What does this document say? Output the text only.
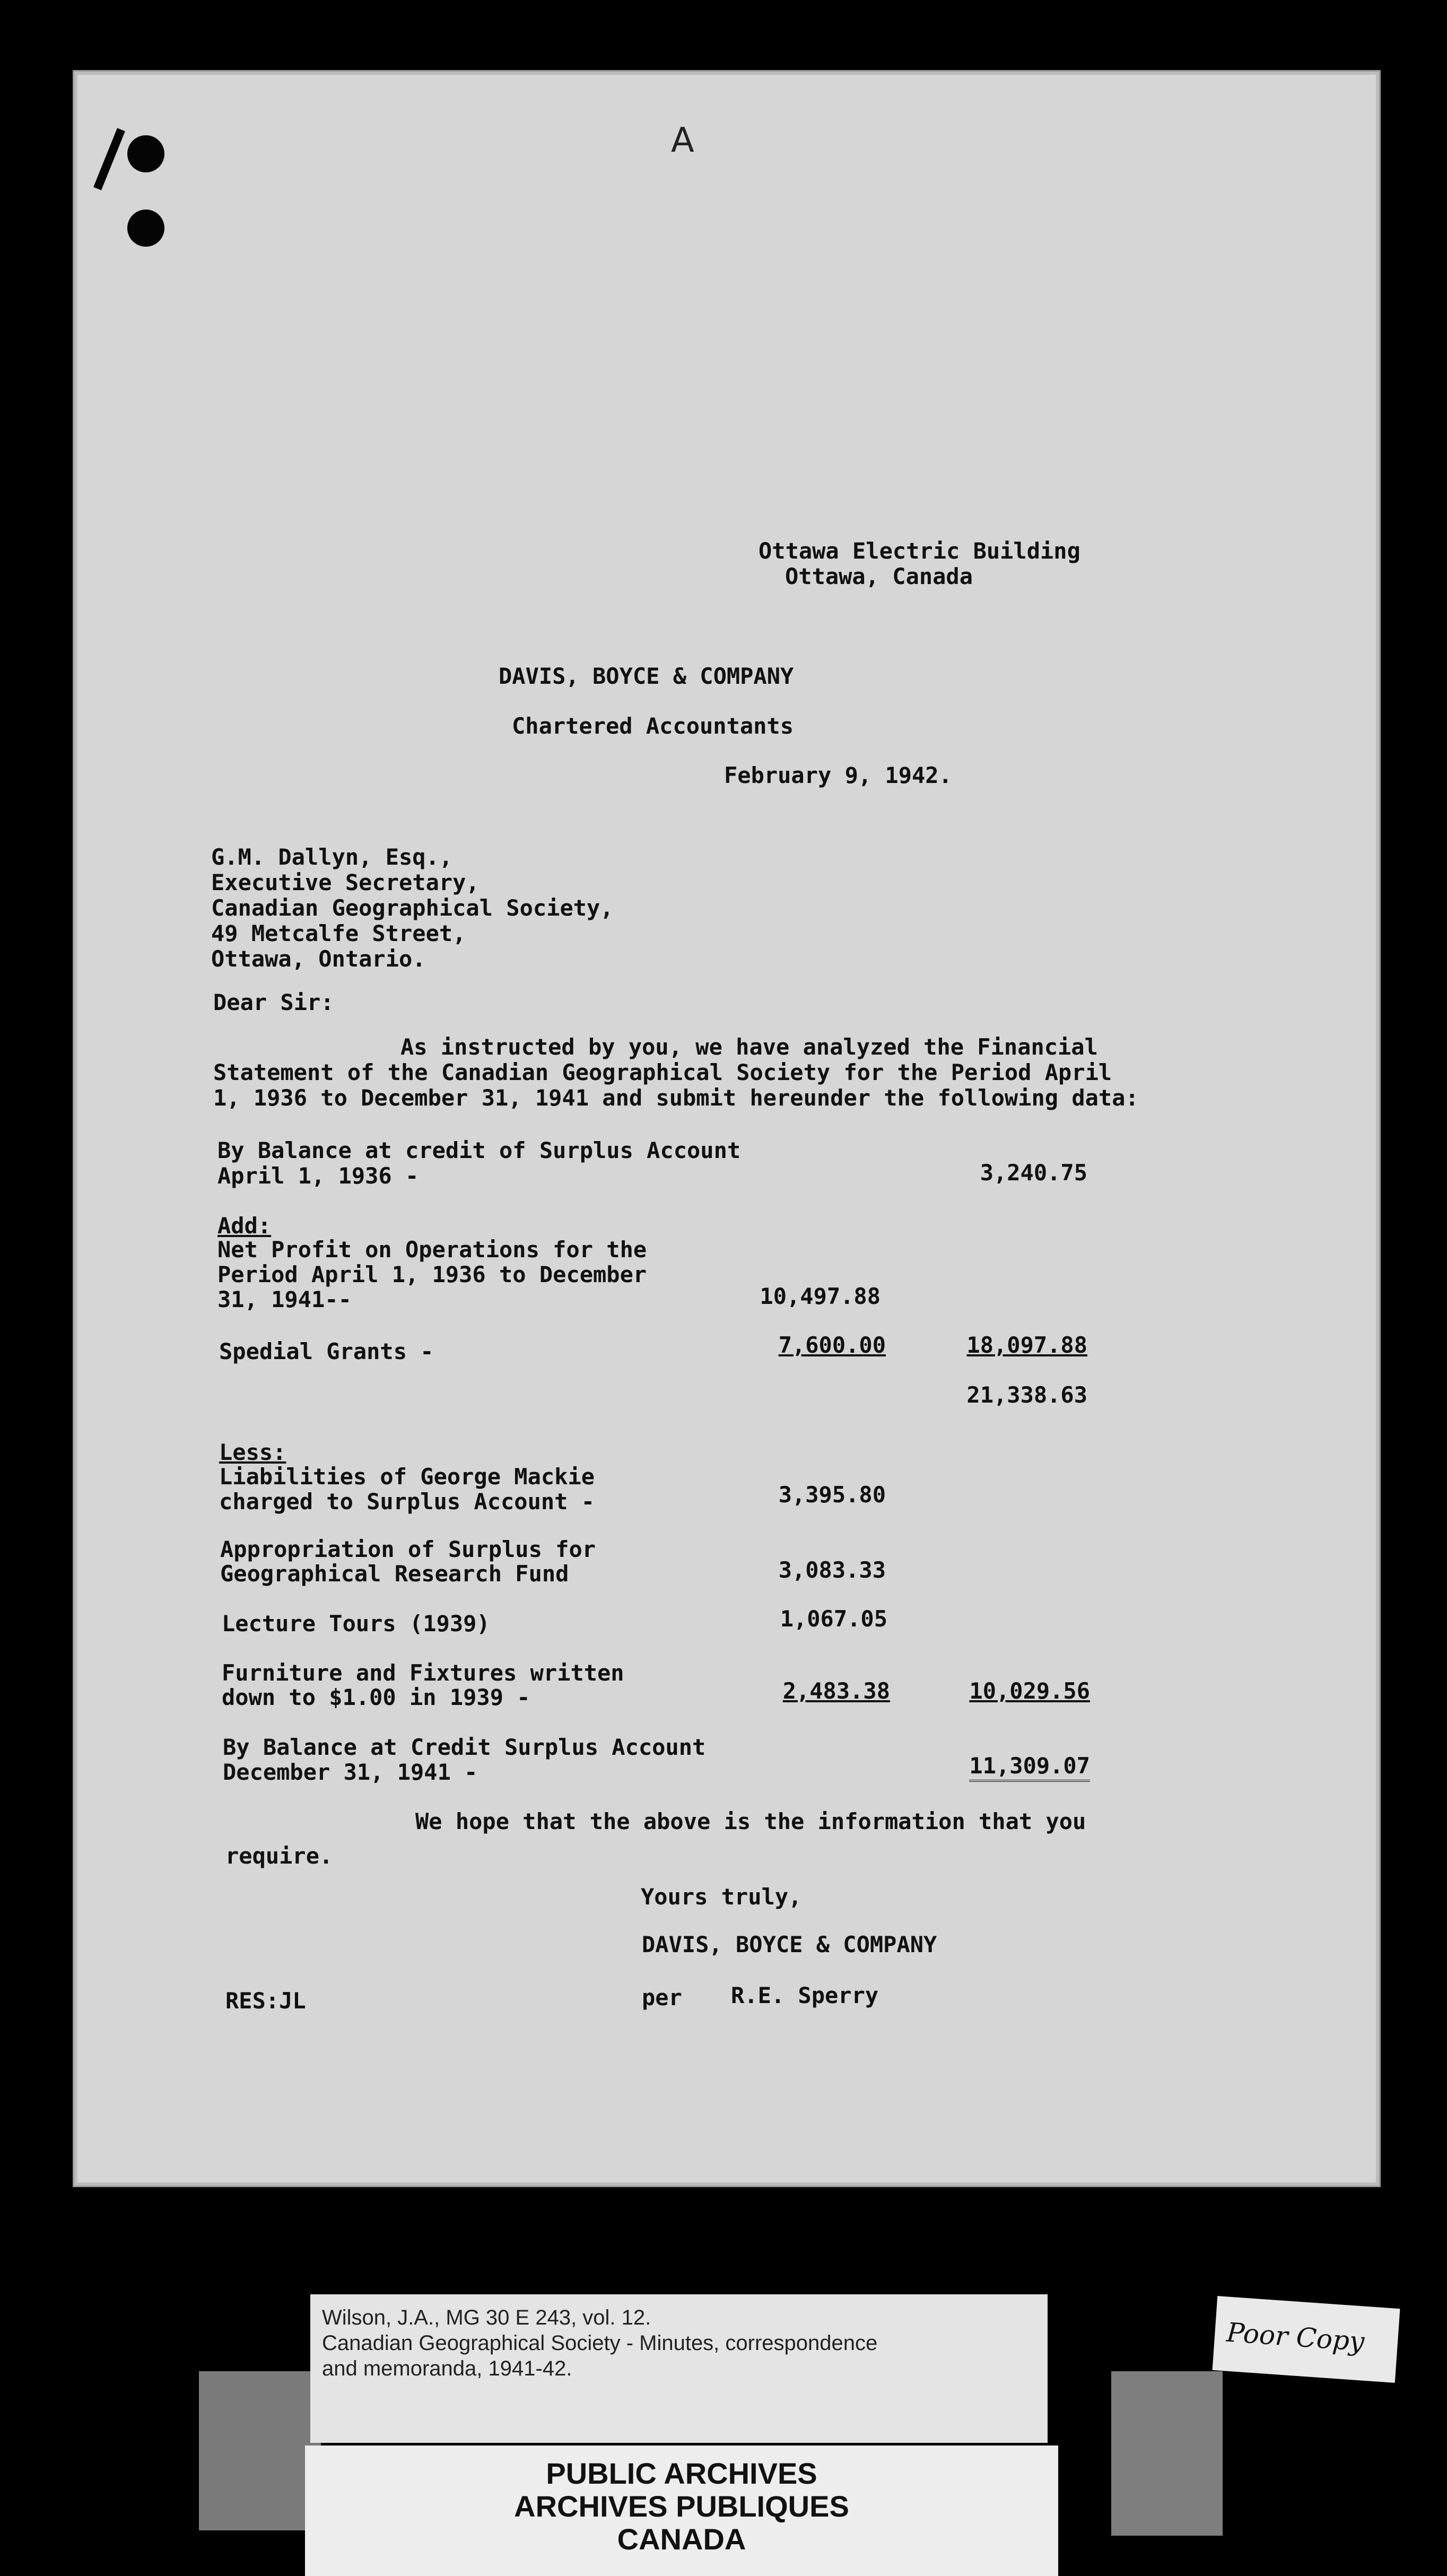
A
Ottawa Electric Building
Ottawa, Canada
DAVIS, BOYCE & COMPANY
Chartered Accountants
February 9, 1942.
G.M. Dallyn, Esq.,
Executive Secretary,
Canadian Geographical Society,
49 Metcalfe Street,
Ottawa, Ontario.
Dear Sir:
As instructed by you, we have analyzed the Financial
Statement of the Canadian Geographical Society for the Period April
1, 1936 to December 31, 1941 and submit hereunder the following data:
By Balance at credit of Surplus Account
April 1, 1936 -	3,240.75
Add:
Net Profit on Operations for the
Period April 1, 1936 to December
31, 1941--	10,497.88
Spedial Grants -	7,600.00	18,097.88
21,338.63
Less:
Liabilities of George Mackie
charged to Surplus Account -	3,395.80
Appropriation of Surplus for
Geographical Research Fund	3,083.33
Lecture Tours (1939)	1,067.05
Furniture and Fixtures written
down to $1.00 in 1939 -	2,483.38	10,029.56
By Balance at Credit Surplus Account
December 31, 1941 -	11,309.07
We hope that the above is the information that you
require.
Yours truly,
DAVIS, BOYCE & COMPANY
per R.E. Sperry
RES:JL
Wilson, J.A., MG 30 E 243, vol. 12.
Canadian Geographical Society - Minutes, correspondence
and memoranda, 1941-42.
Poor Copy
PUBLIC ARCHIVES
ARCHIVES PUBLIQUES
CANADA
